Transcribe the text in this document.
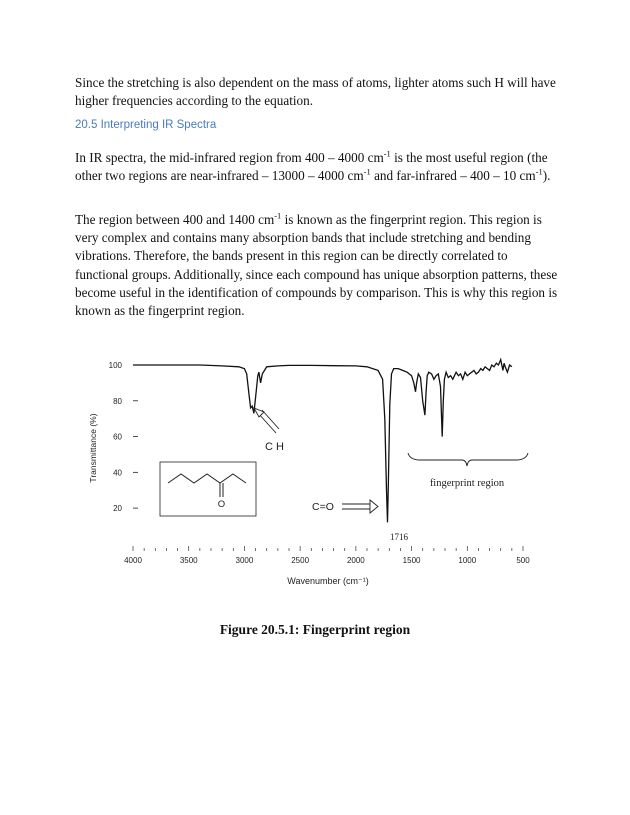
Since the stretching is also dependent on the mass of atoms, lighter atoms such H will have higher frequencies according to the equation.

20.5 Interpreting IR Spectra

In IR spectra, the mid-infrared region from 400 – 4000 $cm^{-1}$ is the most useful region (the other two regions are near-infrared – 13000 – 4000 $cm^{-1}$ and far-infrared – 400 – 10 $cm^{-1}$).

The region between 400 and 1400 $cm^{-1}$ is known as the fingerprint region. This region is very complex and contains many absorption bands that include stretching and bending vibrations. Therefore, the bands present in this region can be directly correlated to functional groups. Additionally, since each compound has unique absorption patterns, these become useful in the identification of compounds by comparison. This is why this region is known as the fingerprint region.

100
80
60
40
20
4000	3500	3000	2500	2000	1500	1000	500
Transmittance (%)
Wavenumber (cm⁻¹)
C H
C=O
1716
fingerprint region
O
Figure 20.5.1: Fingerprint region
